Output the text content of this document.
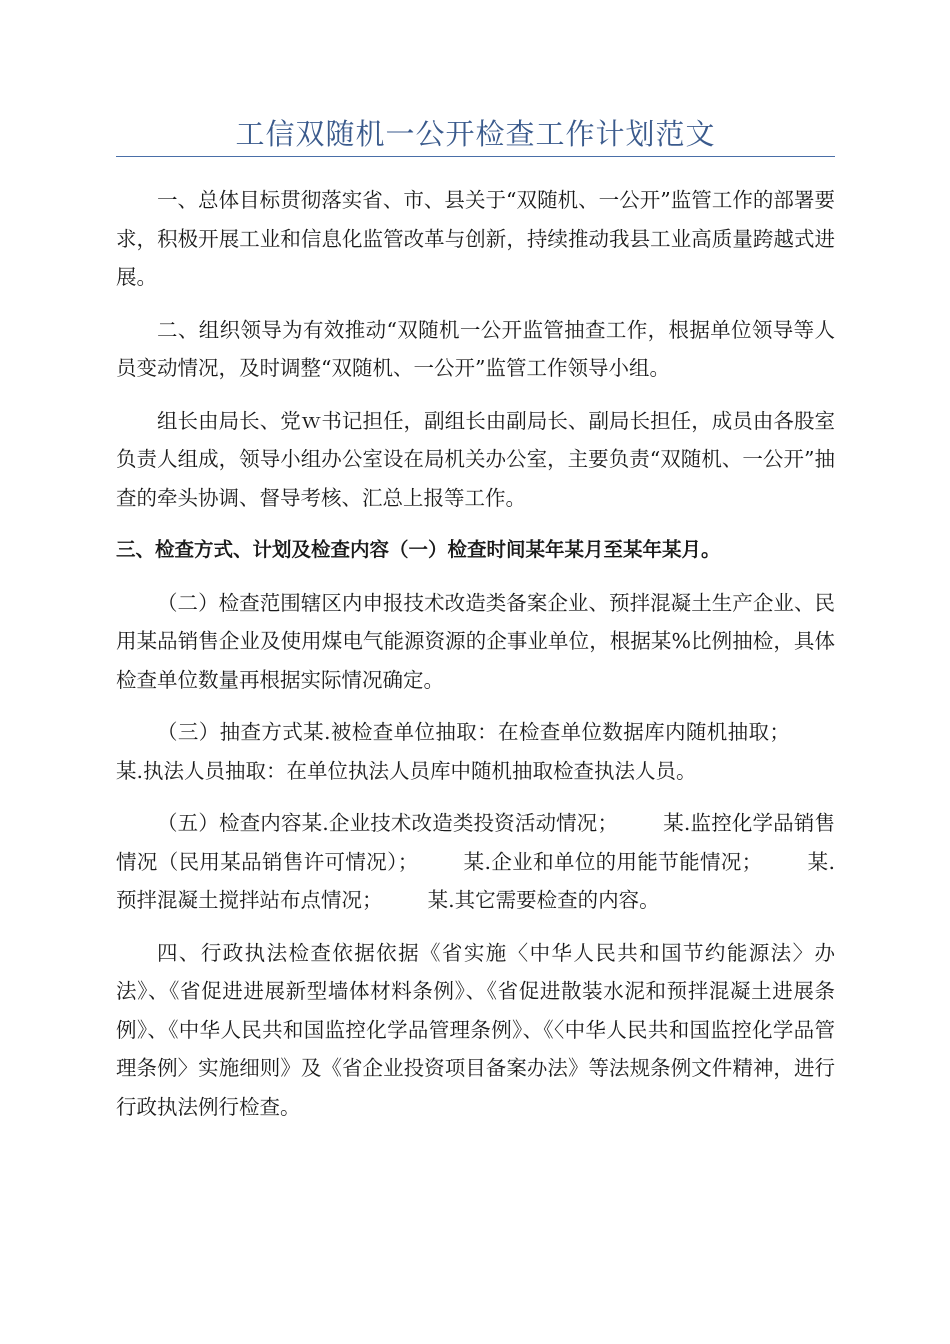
工信双随机一公开检查工作计划范文

一、总体目标贯彻落实省、市、县关于“双随机、一公开”监管工作的部署要求，积极开展工业和信息化监管改革与创新，持续推动我县工业高质量跨越式进展。

二、组织领导为有效推动“双随机一公开监管抽查工作，根据单位领导等人员变动情况，及时调整“双随机、一公开”监管工作领导小组。

组长由局长、党ｗ书记担任，副组长由副局长、副局长担任，成员由各股室负责人组成，领导小组办公室设在局机关办公室，主要负责“双随机、一公开”抽查的牵头协调、督导考核、汇总上报等工作。

三、检查方式、计划及检查内容（一）检查时间某年某月至某年某月。

（二）检查范围辖区内申报技术改造类备案企业、预拌混凝土生产企业、民用某品销售企业及使用煤电气能源资源的企事业单位，根据某%比例抽检，具体检查单位数量再根据实际情况确定。

（三）抽查方式某.被检查单位抽取：在检查单位数据库内随机抽取；某.执法人员抽取：在单位执法人员库中随机抽取检查执法人员。

（五）检查内容某.企业技术改造类投资活动情况； 某.监控化学品销售情况（民用某品销售许可情况）； 某.企业和单位的用能节能情况； 某.预拌混凝土搅拌站布点情况； 某.其它需要检查的内容。

四、行政执法检查依据依据《省实施〈中华人民共和国节约能源法〉办法》、《省促进进展新型墙体材料条例》、《省促进散装水泥和预拌混凝土进展条例》、《中华人民共和国监控化学品管理条例》、《〈中华人民共和国监控化学品管理条例〉实施细则》及《省企业投资项目备案办法》等法规条例文件精神，进行行政执法例行检查。
